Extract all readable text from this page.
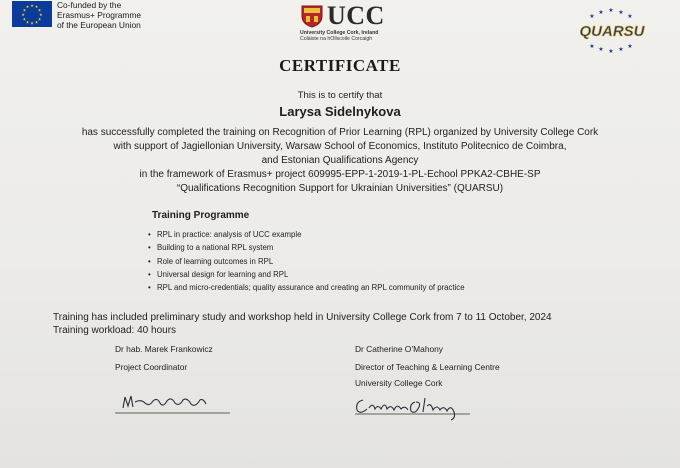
★ ★
★
★
★
★
★
★
★
★
★
★	Co-funded by the
Erasmus+ Programme
of the European Union	UCC
University College Cork, Ireland
Coláiste na hOllscoile Corcaigh
★ ★
★
★
★
★
★
★ ★
★
QUARSU
CERTIFICATE
This is to certify that
Larysa Sidelnykova
has successfully completed the training on Recognition of Prior Learning (RPL) organized by University College Cork
with support of Jagiellonian University, Warsaw School of Economics, Instituto Politecnico de Coimbra,
and Estonian Qualifications Agency
in the framework of Erasmus+ project 609995-EPP-1-2019-1-PL-Echool PPKA2-CBHE-SP
“Qualifications Recognition Support for Ukrainian Universities” (QUARSU)
Training Programme
• RPL in practice: analysis of UCC example
• Building to a national RPL system
• Role of learning outcomes in RPL
• Universal design for learning and RPL
• RPL and micro-credentials; quality assurance and creating an RPL community of practice
Training has included preliminary study and workshop held in University College Cork from 7 to 11 October, 2024
Training workload: 40 hours
Dr hab. Marek Frankowicz
Project Coordinator
Dr Catherine O’Mahony
Director of Teaching & Learning Centre
University College Cork
